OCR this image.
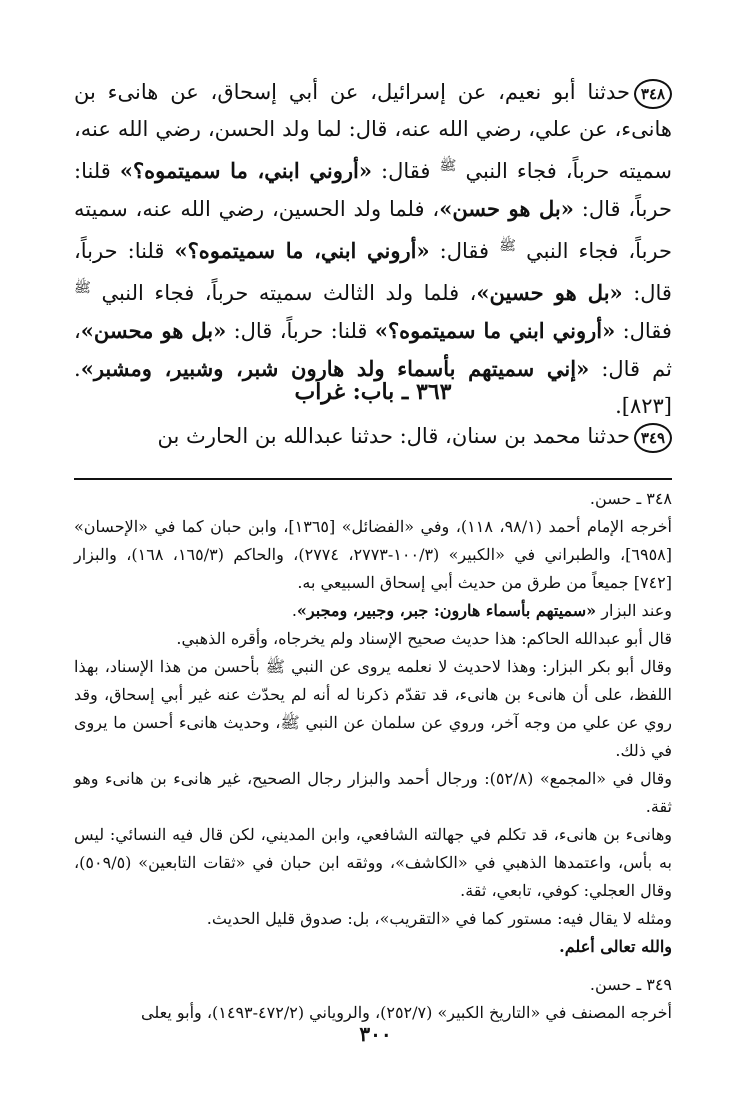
٣٤٨حدثنا أبو نعيم، عن إسرائيل، عن أبي إسحاق، عن هانىء بن هانىء، عن علي، رضي الله عنه، قال: لما ولد الحسن، رضي الله عنه، سميته حرباً، فجاء النبي $^ﷺ$ فقال: «أروني ابني، ما سميتموه؟» قلنا: حرباً، قال: «بل هو حسن»، فلما ولد الحسين، رضي الله عنه، سميته حرباً، فجاء النبي $^ﷺ$ فقال: «أروني ابني، ما سميتموه؟» قلنا: حرباً، قال: «بل هو حسين»، فلما ولد الثالث سميته حرباً، فجاء النبي $^ﷺ$ فقال: «أروني ابني ما سميتموه؟» قلنا: حرباً، قال: «بل هو محسن»، ثم قال: «إني سميتهم بأسماء ولد هارون شبر، وشبير، ومشبر». [٨٢٣].

٣٦٣ ـ باب: غراب
٣٤٩حدثنا محمد بن سنان، قال: حدثنا عبدالله بن الحارث بن

٣٤٨ ـ حسن.

أخرجه الإمام أحمد (٩٨/١، ١١٨)، وفي «الفضائل» [١٣٦٥]، وابن حبان كما في «الإحسان» [٦٩٥٨]، والطبراني في «الكبير» (١٠٠/٣-٢٧٧٣، ٢٧٧٤)، والحاكم (١٦٥/٣، ١٦٨)، والبزار [٧٤٢] جميعاً من طرق من حديث أبي إسحاق السبيعي به.

وعند البزار «سميتهم بأسماء هارون: جبر، وجبير، ومجبر».

قال أبو عبدالله الحاكم: هذا حديث صحيح الإسناد ولم يخرجاه، وأقره الذهبي.

وقال أبو بكر البزار: وهذا لاحديث لا نعلمه يروى عن النبي ﷺ بأحسن من هذا الإسناد، بهذا اللفظ، على أن هانىء بن هانىء، قد تقدّم ذكرنا له أنه لم يحدّث عنه غير أبي إسحاق، وقد روي عن علي من وجه آخر، وروي عن سلمان عن النبي ﷺ، وحديث هانىء أحسن ما يروى في ذلك.

وقال في «المجمع» (٥٢/٨): ورجال أحمد والبزار رجال الصحيح، غير هانىء بن هانىء وهو ثقة.

وهانىء بن هانىء، قد تكلم في جهالته الشافعي، وابن المديني، لكن قال فيه النسائي: ليس به بأس، واعتمدها الذهبي في «الكاشف»، ووثقه ابن حبان في «ثقات التابعين» (٥٠٩/٥)، وقال العجلي: كوفي، تابعي، ثقة.

ومثله لا يقال فيه: مستور كما في «التقريب»، بل: صدوق قليل الحديث.

والله تعالى أعلم.

٣٤٩ ـ حسن.

أخرجه المصنف في «التاريخ الكبير» (٢٥٢/٧)، والروياني (٤٧٢/٢-١٤٩٣)، وأبو يعلى

٣٠٠
